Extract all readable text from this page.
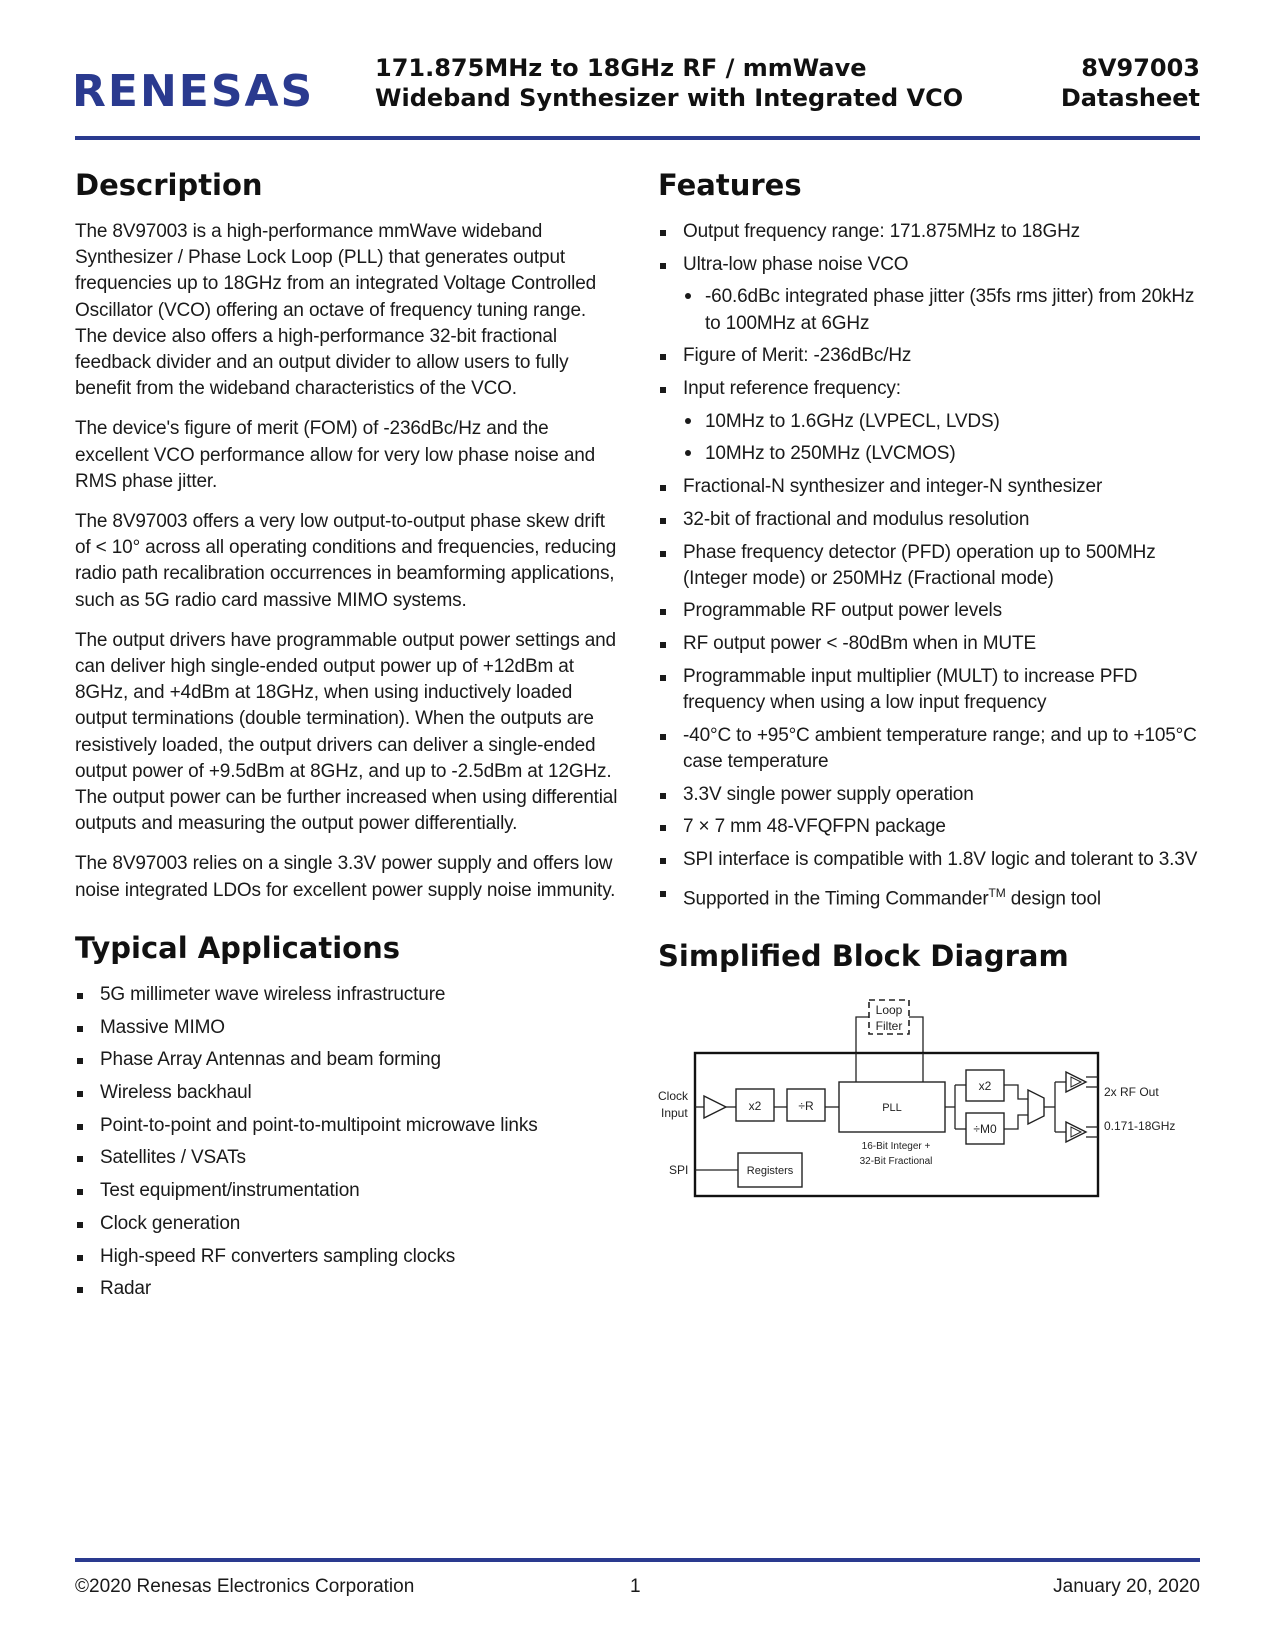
RENESAS	171.875MHz to 18GHz RF / mmWave
Wideband Synthesizer with Integrated VCO
8V97003
Datasheet
Description

The 8V97003 is a high-performance mmWave wideband Synthesizer / Phase Lock Loop (PLL) that generates output frequencies up to 18GHz from an integrated Voltage Controlled Oscillator (VCO) offering an octave of frequency tuning range. The device also offers a high-performance 32-bit fractional feedback divider and an output divider to allow users to fully benefit from the wideband characteristics of the VCO.

The device's figure of merit (FOM) of -236dBc/Hz and the excellent VCO performance allow for very low phase noise and RMS phase jitter.

The 8V97003 offers a very low output-to-output phase skew drift of < 10° across all operating conditions and frequencies, reducing radio path recalibration occurrences in beamforming applications, such as 5G radio card massive MIMO systems.

The output drivers have programmable output power settings and can deliver high single-ended output power up of +12dBm at 8GHz, and +4dBm at 18GHz, when using inductively loaded output terminations (double termination). When the outputs are resistively loaded, the output drivers can deliver a single-ended output power of +9.5dBm at 8GHz, and up to -2.5dBm at 12GHz. The output power can be further increased when using differential outputs and measuring the output power differentially.

The 8V97003 relies on a single 3.3V power supply and offers low noise integrated LDOs for excellent power supply noise immunity.

Typical Applications
5G millimeter wave wireless infrastructure
Massive MIMO
Phase Array Antennas and beam forming
Wireless backhaul
Point-to-point and point-to-multipoint microwave links
Satellites / VSATs
Test equipment/instrumentation
Clock generation
High-speed RF converters sampling clocks
Radar
Features
Output frequency range: 171.875MHz to 18GHz
Ultra-low phase noise VCO
-60.6dBc integrated phase jitter (35fs rms jitter) from 20kHz to 100MHz at 6GHz
Figure of Merit: -236dBc/Hz
Input reference frequency:
10MHz to 1.6GHz (LVPECL, LVDS)
10MHz to 250MHz (LVCMOS)
Fractional-N synthesizer and integer-N synthesizer
32-bit of fractional and modulus resolution
Phase frequency detector (PFD) operation up to 500MHz (Integer mode) or 250MHz (Fractional mode)
Programmable RF output power levels
RF output power < -80dBm when in MUTE
Programmable input multiplier (MULT) to increase PFD frequency when using a low input frequency
-40°C to +95°C ambient temperature range; and up to +105°C case temperature
3.3V single power supply operation
7 × 7 mm 48-VFQFPN package
SPI interface is compatible with 1.8V logic and tolerant to 3.3V
Supported in the Timing Commander™ design tool
Simplified Block Diagram
Loop
Filter
Clock
Input	x2	÷R	PLL
16-Bit Integer +
32-Bit Fractional
x2
÷M0
2x RF Out
0.171-18GHz
SPI	Registers
©2020 Renesas Electronics Corporation	1	January 20, 2020
